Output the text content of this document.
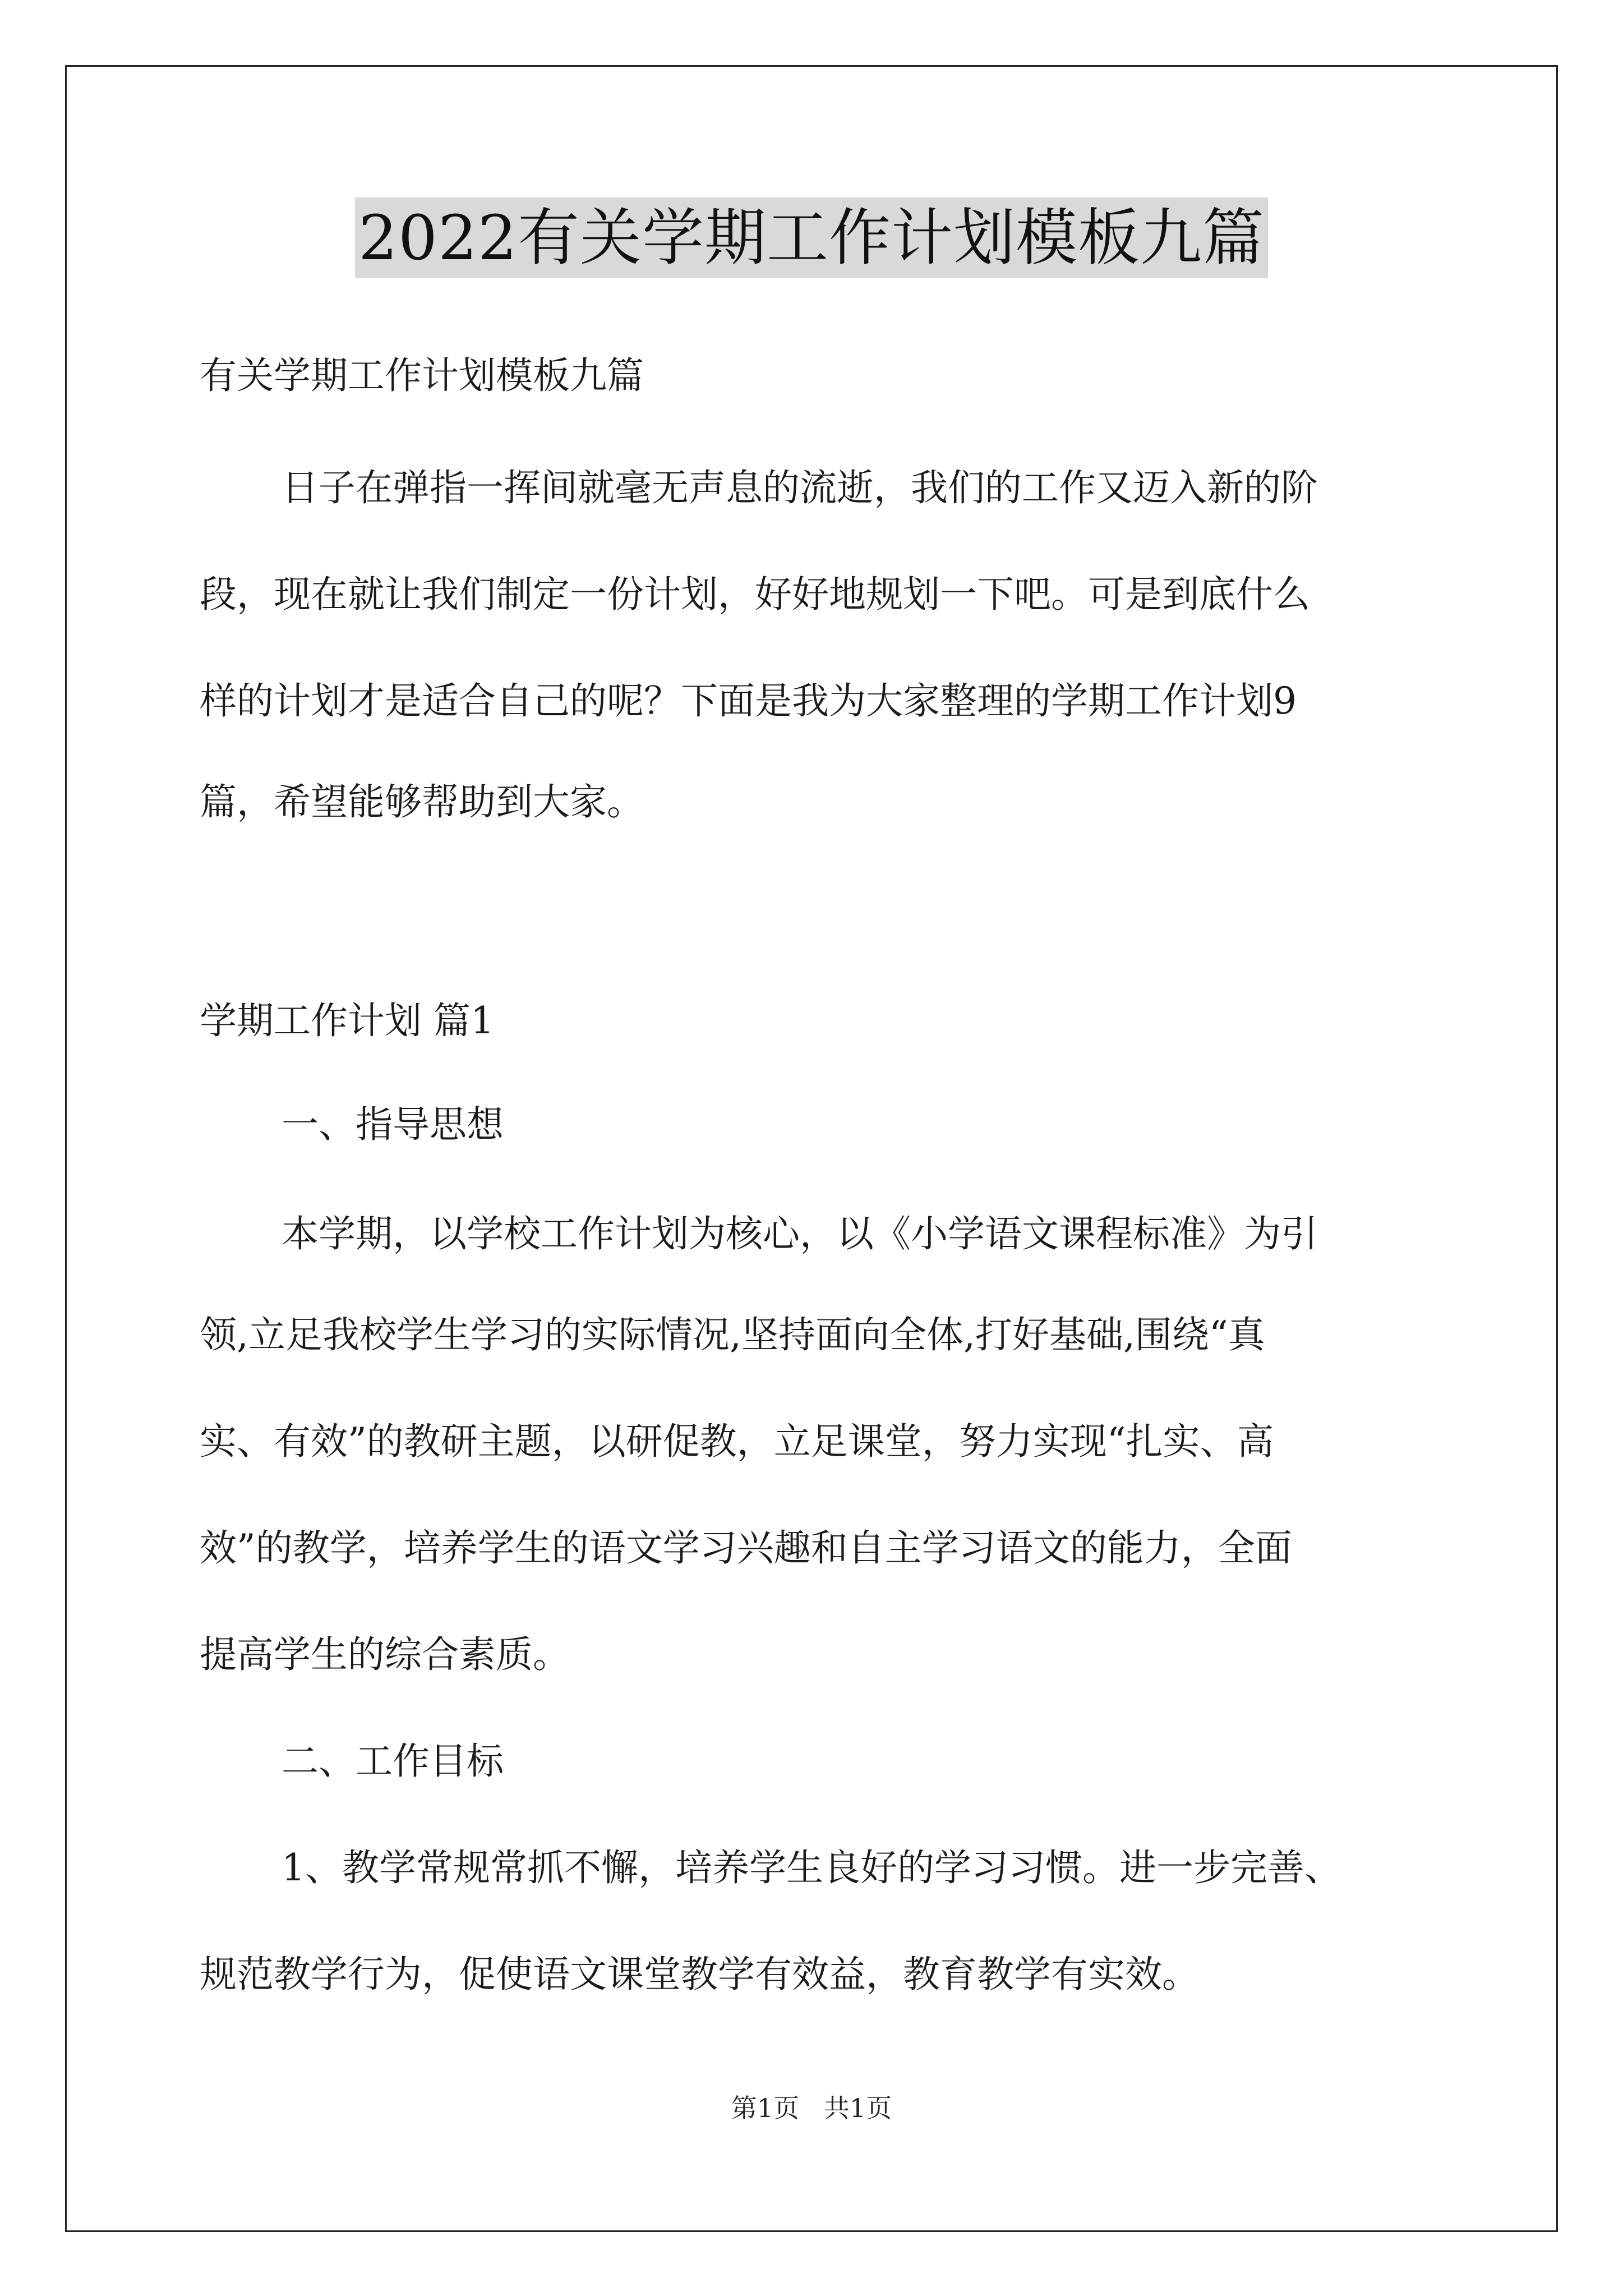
2022有关学期工作计划模板九篇
有关学期工作计划模板九篇
日子在弹指一挥间就毫无声息的流逝，我们的工作又迈入新的阶
段，现在就让我们制定一份计划，好好地规划一下吧。可是到底什么
样的计划才是适合自己的呢？下面是我为大家整理的学期工作计划9
篇，希望能够帮助到大家。
学期工作计划 篇1
一、指导思想
本学期，以学校工作计划为核心，以《小学语文课程标准》为引
领,立足我校学生学习的实际情况,坚持面向全体,打好基础,围绕“真
实、有效”的教研主题，以研促教，立足课堂，努力实现“扎实、高
效”的教学，培养学生的语文学习兴趣和自主学习语文的能力，全面
提高学生的综合素质。
二、工作目标
1、教学常规常抓不懈，培养学生良好的学习习惯。进一步完善、
规范教学行为，促使语文课堂教学有效益，教育教学有实效。
第1页   共1页
